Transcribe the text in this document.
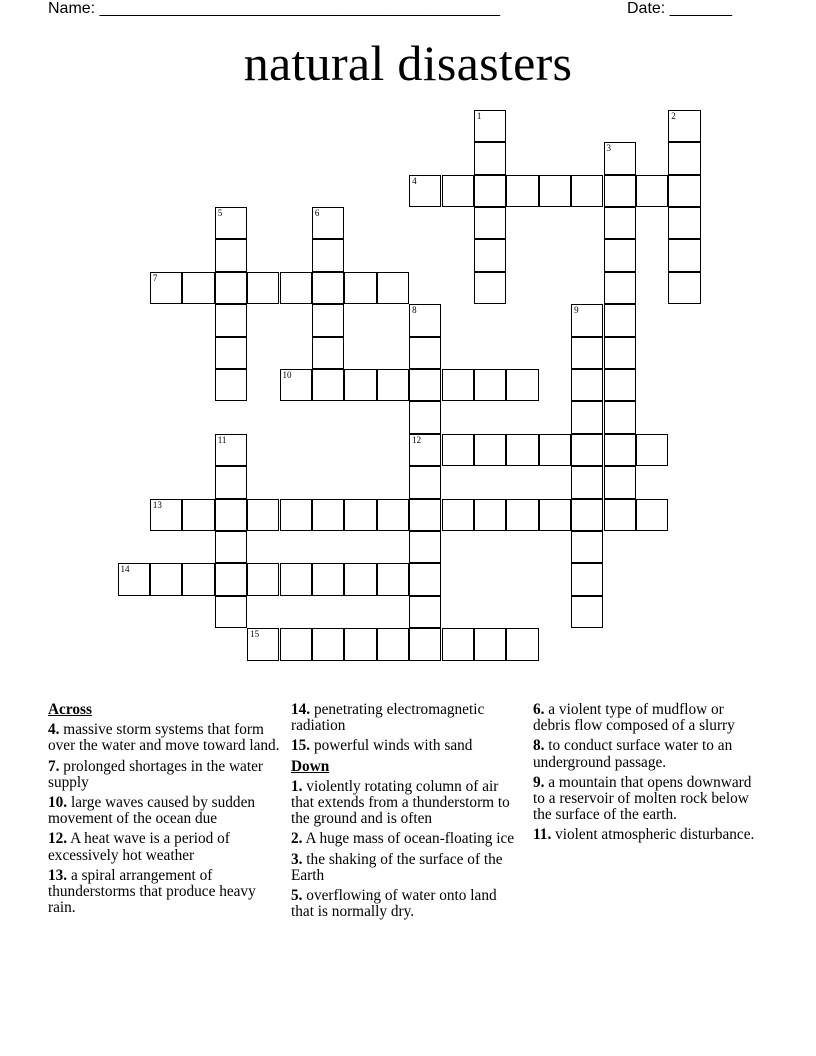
Name: _____________________________________________	Date: _______
natural disasters
1	2
3
4
5	6
7
8
12
9
10
11
13
14
15
Across
4. massive storm systems that form over the water and move toward land.
7. prolonged shortages in the water supply
10. large waves caused by sudden movement of the ocean due
12. A heat wave is a period of excessively hot weather
13. a spiral arrangement of thunderstorms that produce heavy rain.
14. penetrating electromagnetic radiation
15. powerful winds with sand
Down
1. violently rotating column of air that extends from a thunderstorm to the ground and is often
2. A huge mass of ocean-floating ice
3. the shaking of the surface of the Earth
5. overflowing of water onto land that is normally dry.
6. a violent type of mudflow or debris flow composed of a slurry
8. to conduct surface water to an underground passage.
9. a mountain that opens downward to a reservoir of molten rock below the surface of the earth.
11. violent atmospheric disturbance.
